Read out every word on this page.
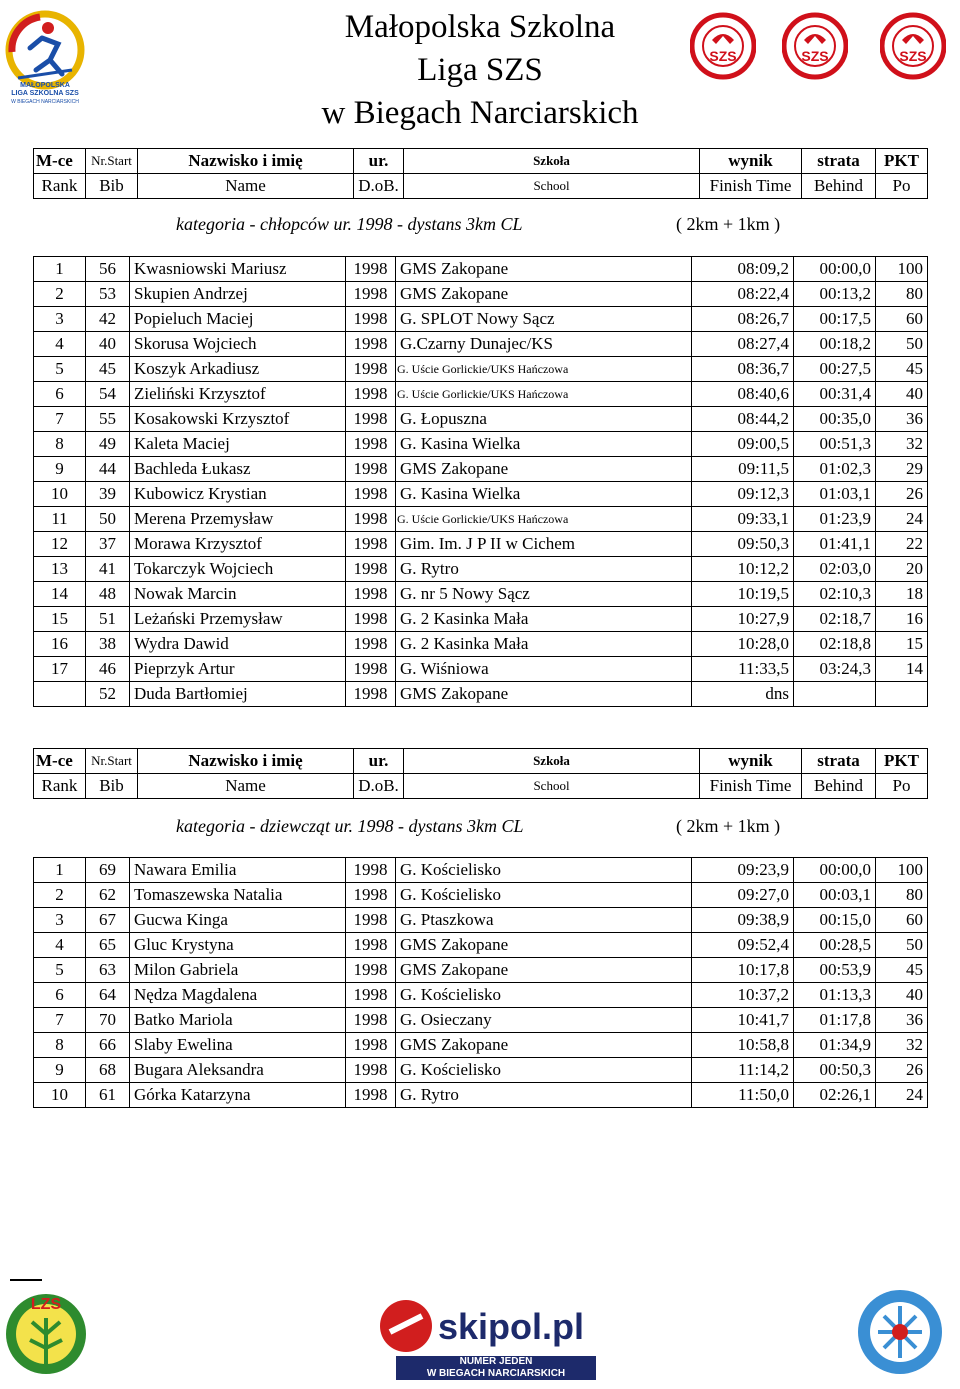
Małopolska Szkolna
Liga SZS
w Biegach Narciarskich
MAŁOPOLSKA
LIGA SZKOLNA SZS
W BIEGACH NARCIARSKICH
SZS	SZS	SZS
M-ce	Nr.Start	Nazwisko i imię	ur.	Szkoła	wynik	strata	PKT
Rank	Bib	Name	D.oB.	School	Finish Time	Behind	Po
kategoria - chłopców ur. 1998 - dystans 3km CL	( 2km + 1km )
1	56	Kwasniowski Mariusz	1998	GMS Zakopane	08:09,2	00:00,0	100
2	53	Skupien Andrzej	1998	GMS Zakopane	08:22,4	00:13,2	80
3	42	Popieluch Maciej	1998	G. SPLOT Nowy Sącz	08:26,7	00:17,5	60
4	40	Skorusa Wojciech	1998	G.Czarny Dunajec/KS	08:27,4	00:18,2	50
5	45	Koszyk Arkadiusz	1998	G. Uście Gorlickie/UKS Hańczowa	08:36,7	00:27,5	45
6	54	Zieliński Krzysztof	1998	G. Uście Gorlickie/UKS Hańczowa	08:40,6	00:31,4	40
7	55	Kosakowski Krzysztof	1998	G. Łopuszna	08:44,2	00:35,0	36
8	49	Kaleta Maciej	1998	G. Kasina Wielka	09:00,5	00:51,3	32
9	44	Bachleda Łukasz	1998	GMS Zakopane	09:11,5	01:02,3	29
10	39	Kubowicz Krystian	1998	G. Kasina Wielka	09:12,3	01:03,1	26
11	50	Merena Przemysław	1998	G. Uście Gorlickie/UKS Hańczowa	09:33,1	01:23,9	24
12	37	Morawa Krzysztof	1998	Gim. Im. J P II w Cichem	09:50,3	01:41,1	22
13	41	Tokarczyk Wojciech	1998	G. Rytro	10:12,2	02:03,0	20
14	48	Nowak Marcin	1998	G. nr 5 Nowy Sącz	10:19,5	02:10,3	18
15	51	Leżański Przemysław	1998	G. 2 Kasinka Mała	10:27,9	02:18,7	16
16	38	Wydra Dawid	1998	G. 2 Kasinka Mała	10:28,0	02:18,8	15
17	46	Pieprzyk Artur	1998	G. Wiśniowa	11:33,5	03:24,3	14
	52	Duda Bartłomiej	1998	GMS Zakopane	dns		
M-ce	Nr.Start	Nazwisko i imię	ur.	Szkoła	wynik	strata	PKT
Rank	Bib	Name	D.oB.	School	Finish Time	Behind	Po
kategoria - dziewcząt ur. 1998 - dystans 3km CL	( 2km + 1km )
1	69	Nawara Emilia	1998	G. Kościelisko	09:23,9	00:00,0	100
2	62	Tomaszewska Natalia	1998	G. Kościelisko	09:27,0	00:03,1	80
3	67	Gucwa Kinga	1998	G. Ptaszkowa	09:38,9	00:15,0	60
4	65	Gluc Krystyna	1998	GMS Zakopane	09:52,4	00:28,5	50
5	63	Milon Gabriela	1998	GMS Zakopane	10:17,8	00:53,9	45
6	64	Nędza Magdalena	1998	G. Kościelisko	10:37,2	01:13,3	40
7	70	Batko Mariola	1998	G. Osieczany	10:41,7	01:17,8	36
8	66	Slaby Ewelina	1998	GMS Zakopane	10:58,8	01:34,9	32
9	68	Bugara Aleksandra	1998	G. Kościelisko	11:14,2	00:50,3	26
10	61	Górka Katarzyna	1998	G. Rytro	11:50,0	02:26,1	24
LZS
skipol.pl
NUMER JEDEN
W BIEGACH NARCIARSKICH
